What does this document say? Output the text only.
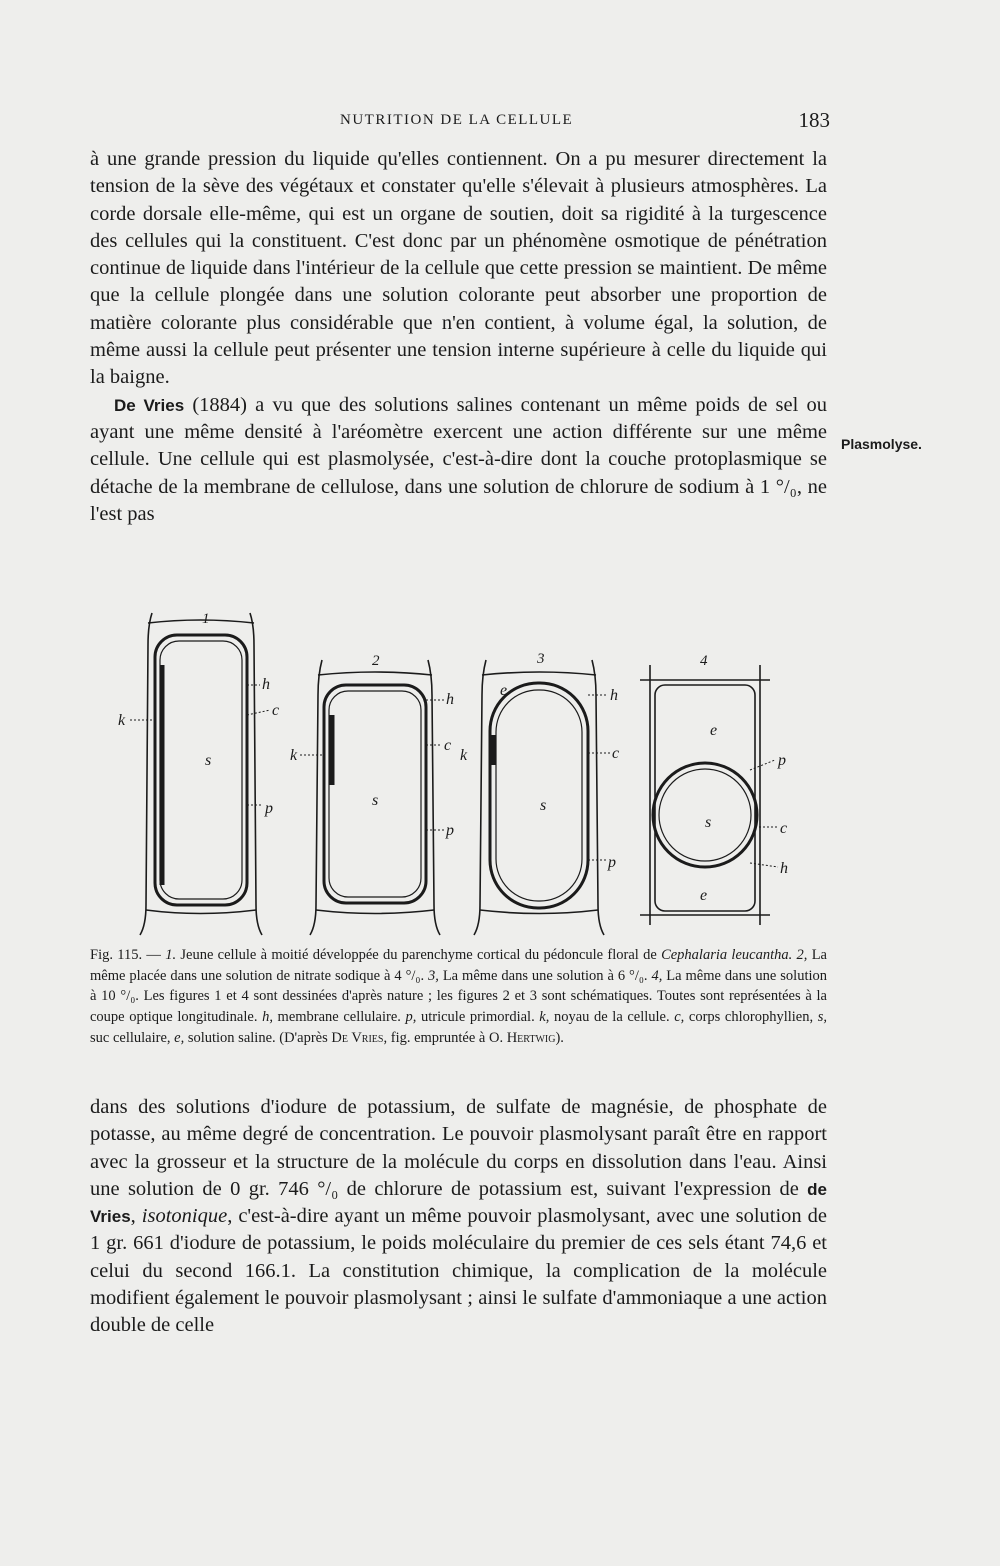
NUTRITION DE LA CELLULE	183

à une grande pression du liquide qu'elles contiennent. On a pu mesurer directement la tension de la sève des végétaux et constater qu'elle s'élevait à plusieurs atmosphères. La corde dorsale elle-même, qui est un organe de soutien, doit sa rigidité à la turgescence des cellules qui la constituent. C'est donc par un phénomène osmotique de pénétration continue de liquide dans l'intérieur de la cellule que cette pression se maintient. De même que la cellule plongée dans une solution colorante peut absorber une proportion de matière colorante plus considérable que n'en contient, à volume égal, la solution, de même aussi la cellule peut présenter une tension interne supérieure à celle du liquide qui la baigne.

De Vries (1884) a vu que des solutions salines contenant un même poids de sel ou ayant une même densité à l'aréomètre exercent une action différente sur une même cellule. Une cellule qui est plasmolysée, c'est-à-dire dont la couche protoplasmique se détache de la membrane de cellulose, dans une solution de chlorure de sodium à 1 °/₀, ne l'est pas

Plasmolyse.
1
2	3	4
h
c
k
s
p
h
c
k
s
p
h
c
k
e
s
p
e
p
s	c
h
e
Fig. 115. — 1. Jeune cellule à moitié développée du parenchyme cortical du pédoncule floral de Cephalaria leucantha. 2, La même placée dans une solution de nitrate sodique à 4 °/₀. 3, La même dans une solution à 6 °/₀. 4, La même dans une solution à 10 °/₀. Les figures 1 et 4 sont dessinées d'après nature ; les figures 2 et 3 sont schématiques. Toutes sont représentées à la coupe optique longitudinale. h, membrane cellulaire. p, utricule primordial. k, noyau de la cellule. c, corps chlorophyllien, s, suc cellulaire, e, solution saline. (D'après De Vries, fig. empruntée à O. Hertwig).

dans des solutions d'iodure de potassium, de sulfate de magnésie, de phosphate de potasse, au même degré de concentration. Le pouvoir plasmolysant paraît être en rapport avec la grosseur et la structure de la molécule du corps en dissolution dans l'eau. Ainsi une solution de 0 gr. 746 °/₀ de chlorure de potassium est, suivant l'expression de de Vries, isotonique, c'est-à-dire ayant un même pouvoir plasmolysant, avec une solution de 1 gr. 661 d'iodure de potassium, le poids moléculaire du premier de ces sels étant 74,6 et celui du second 166.1. La constitution chimique, la complication de la molécule modifient également le pouvoir plasmolysant ; ainsi le sulfate d'ammoniaque a une action double de celle
